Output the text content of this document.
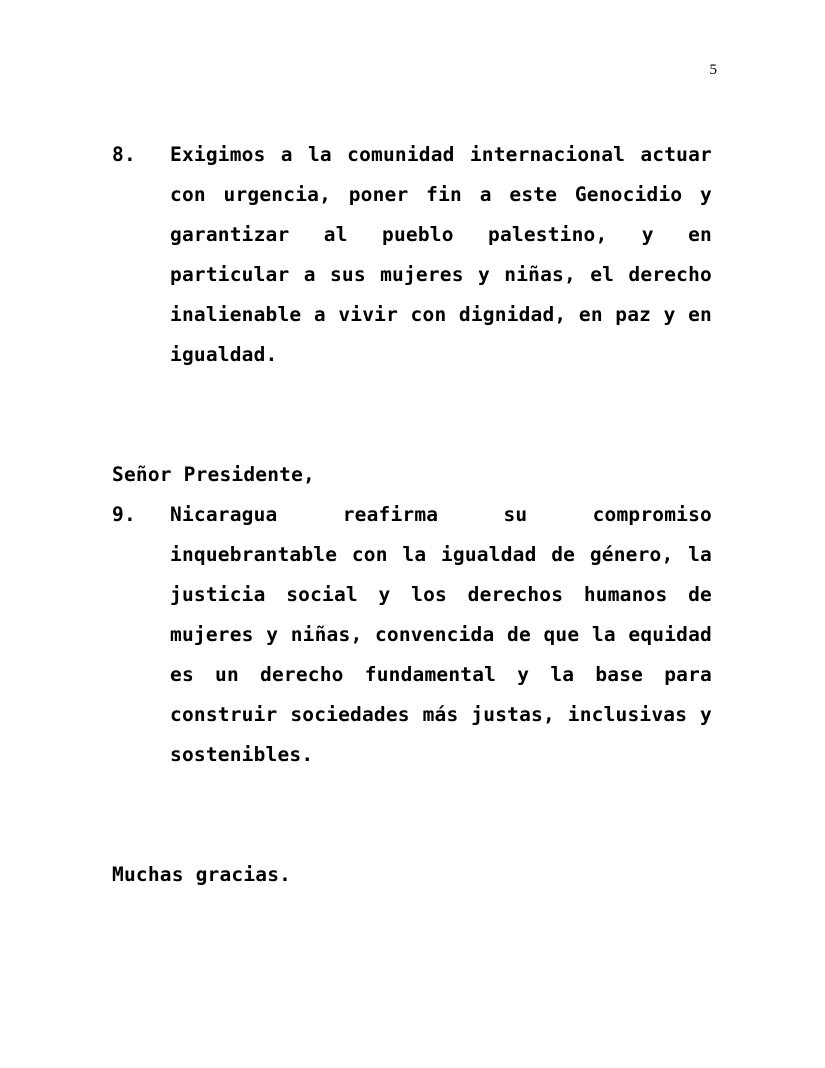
5
8.	Exigimos a la comunidad internacional actuar con urgencia, poner fin a este Genocidio y garantizar al pueblo palestino, y en particular a sus mujeres y niñas, el derecho inalienable a vivir con dignidad, en paz y en igualdad.
Señor Presidente,
9.	Nicaragua reafirma su compromiso inquebrantable con la igualdad de género, la justicia social y los derechos humanos de mujeres y niñas, convencida de que la equidad es un derecho fundamental y la base para construir sociedades más justas, inclusivas y sostenibles.
Muchas gracias.
